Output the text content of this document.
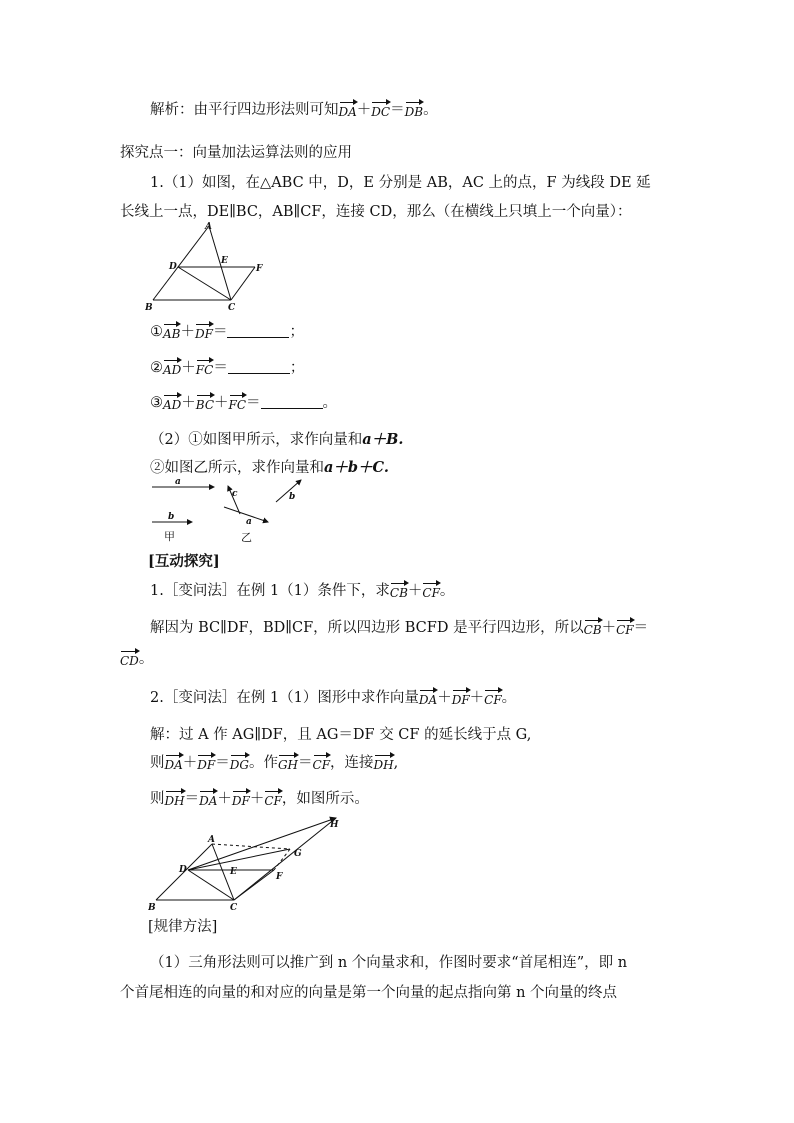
解析：由平行四边形法则可知DA＋DC＝DB。
探究点一：向量加法运算法则的应用
1.（1）如图，在△ABC 中，D，E 分别是 AB，AC 上的点，F 为线段 DE 延
长线上一点，DE∥BC，AB∥CF，连接 CD，那么（在横线上只填上一个向量）：
A
B	C
D
E
F
①AB＋DF＝	；
②AD＋FC＝	；
③AD＋BC＋FC＝	。
（2）①如图甲所示，求作向量和a＋B.
②如图乙所示，求作向量和a＋b＋C.
a
b
c
a
b
甲	乙
[互动探究]
1.［变问法］在例 1（1）条件下，求CB＋CF。
解因为 BC∥DF，BD∥CF，所以四边形 BCFD 是平行四边形，所以CB＋CF＝
CD。
2.［变问法］在例 1（1）图形中求作向量DA＋DF＋CF。
解：过 A 作 AG∥DF，且 AG＝DF 交 CF 的延长线于点 G,
则DA＋DF＝DG。作GH＝CF，连接DH,
则DH＝DA＋DF＋CF，如图所示。
A
B	C
D	E	F
G
H
[规律方法]
（1）三角形法则可以推广到 n 个向量求和，作图时要求“首尾相连”，即 n
个首尾相连的向量的和对应的向量是第一个向量的起点指向第 n 个向量的终点
